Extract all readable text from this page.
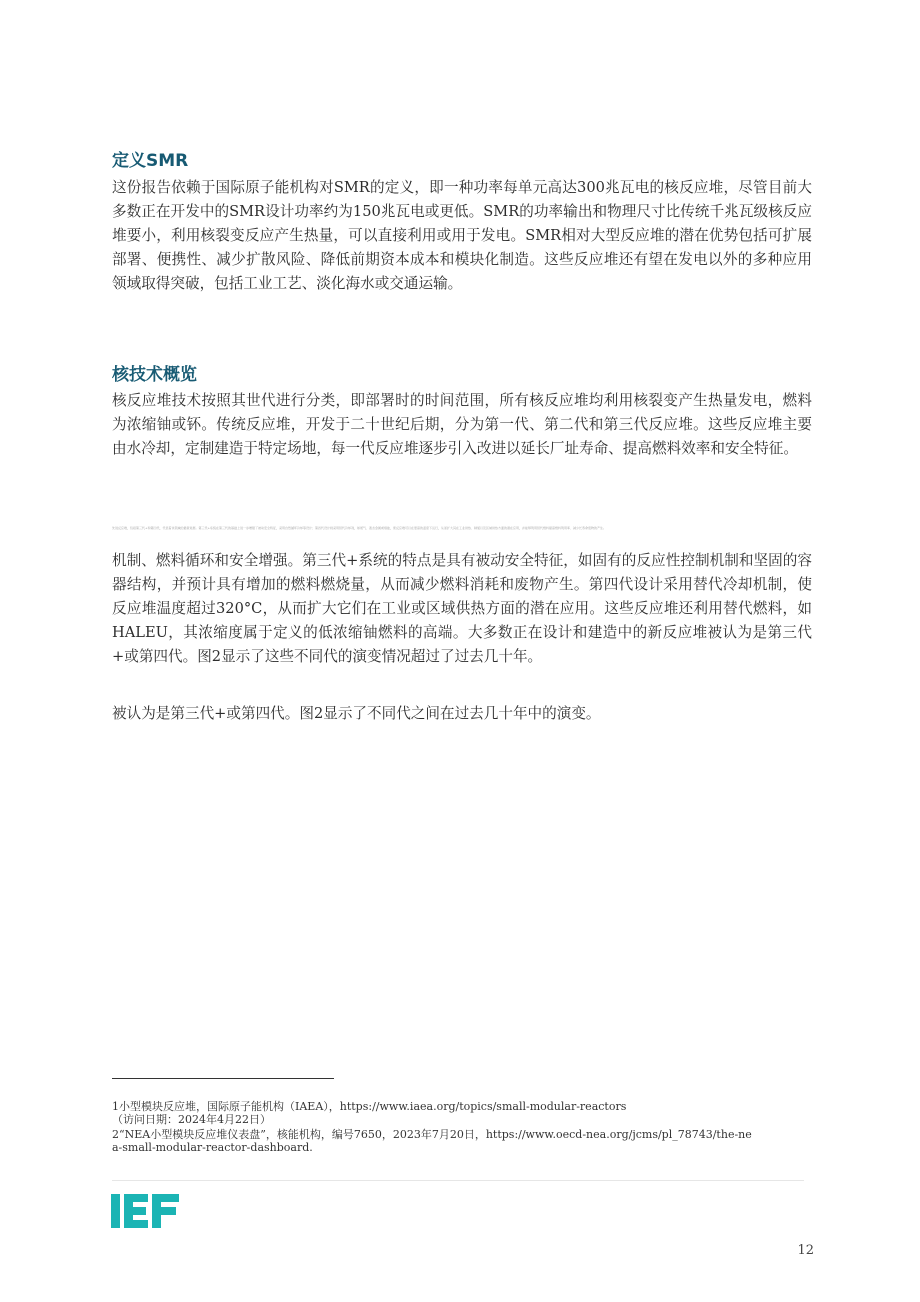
定义SMR

这份报告依赖于国际原子能机构对SMR的定义，即一种功率每单元高达300兆瓦电的核反应堆，尽管目前大多数正在开发中的SMR设计功率约为150兆瓦电或更低。SMR的功率输出和物理尺寸比传统千兆瓦级核反应堆要小，利用核裂变反应产生热量，可以直接利用或用于发电。SMR相对大型反应堆的潜在优势包括可扩展部署、便携性、减少扩散风险、降低前期资本成本和模块化制造。这些反应堆还有望在发电以外的多种应用领域取得突破，包括工业工艺、淡化海水或交通运输。

核技术概览

核反应堆技术按照其世代进行分类，即部署时的时间范围，所有核反应堆均利用核裂变产生热量发电，燃料为浓缩铀或钚。传统反应堆，开发于二十世纪后期，分为第一代、第二代和第三代反应堆。这些反应堆主要由水冷却，定制建造于特定场地，每一代反应堆逐步引入改进以延长厂址寿命、提高燃料效率和安全特征。

先进反应堆，包括第三代+和第四代，代表着该领域的最新进展。第三代+系统在第三代的基础上进一步增强了被动安全特征，采用自然循环冷却等设计；第四代设计则采用替代冷却剂，如氦气、液态金属或熔盐，使反应堆可以在更高的温度下运行，从而扩大其在工业供热、制氢以及区域供热方面的潜在应用，并能够利用替代燃料提高燃料利用率、减少长寿命废物的产生。

机制、燃料循环和安全增强。第三代+系统的特点是具有被动安全特征，如固有的反应性控制机制和坚固的容器结构，并预计具有增加的燃料燃烧量，从而减少燃料消耗和废物产生。第四代设计采用替代冷却机制，使反应堆温度超过320°C，从而扩大它们在工业或区域供热方面的潜在应用。这些反应堆还利用替代燃料，如HALEU，其浓缩度属于定义的低浓缩铀燃料的高端。大多数正在设计和建造中的新反应堆被认为是第三代+或第四代。图2显示了这些不同代的演变情况超过了过去几十年。

被认为是第三代+或第四代。图2显示了不同代之间在过去几十年中的演变。

1小型模块反应堆，国际原子能机构（IAEA），https://www.iaea.org/topics/small-modular-reactors
（访问日期：2024年4月22日）

2“NEA小型模块反应堆仪表盘”，核能机构，编号7650，2023年7月20日，https://www.oecd-nea.org/jcms/pl_78743/the-nea-small-modular-reactor-dashboard.

12
